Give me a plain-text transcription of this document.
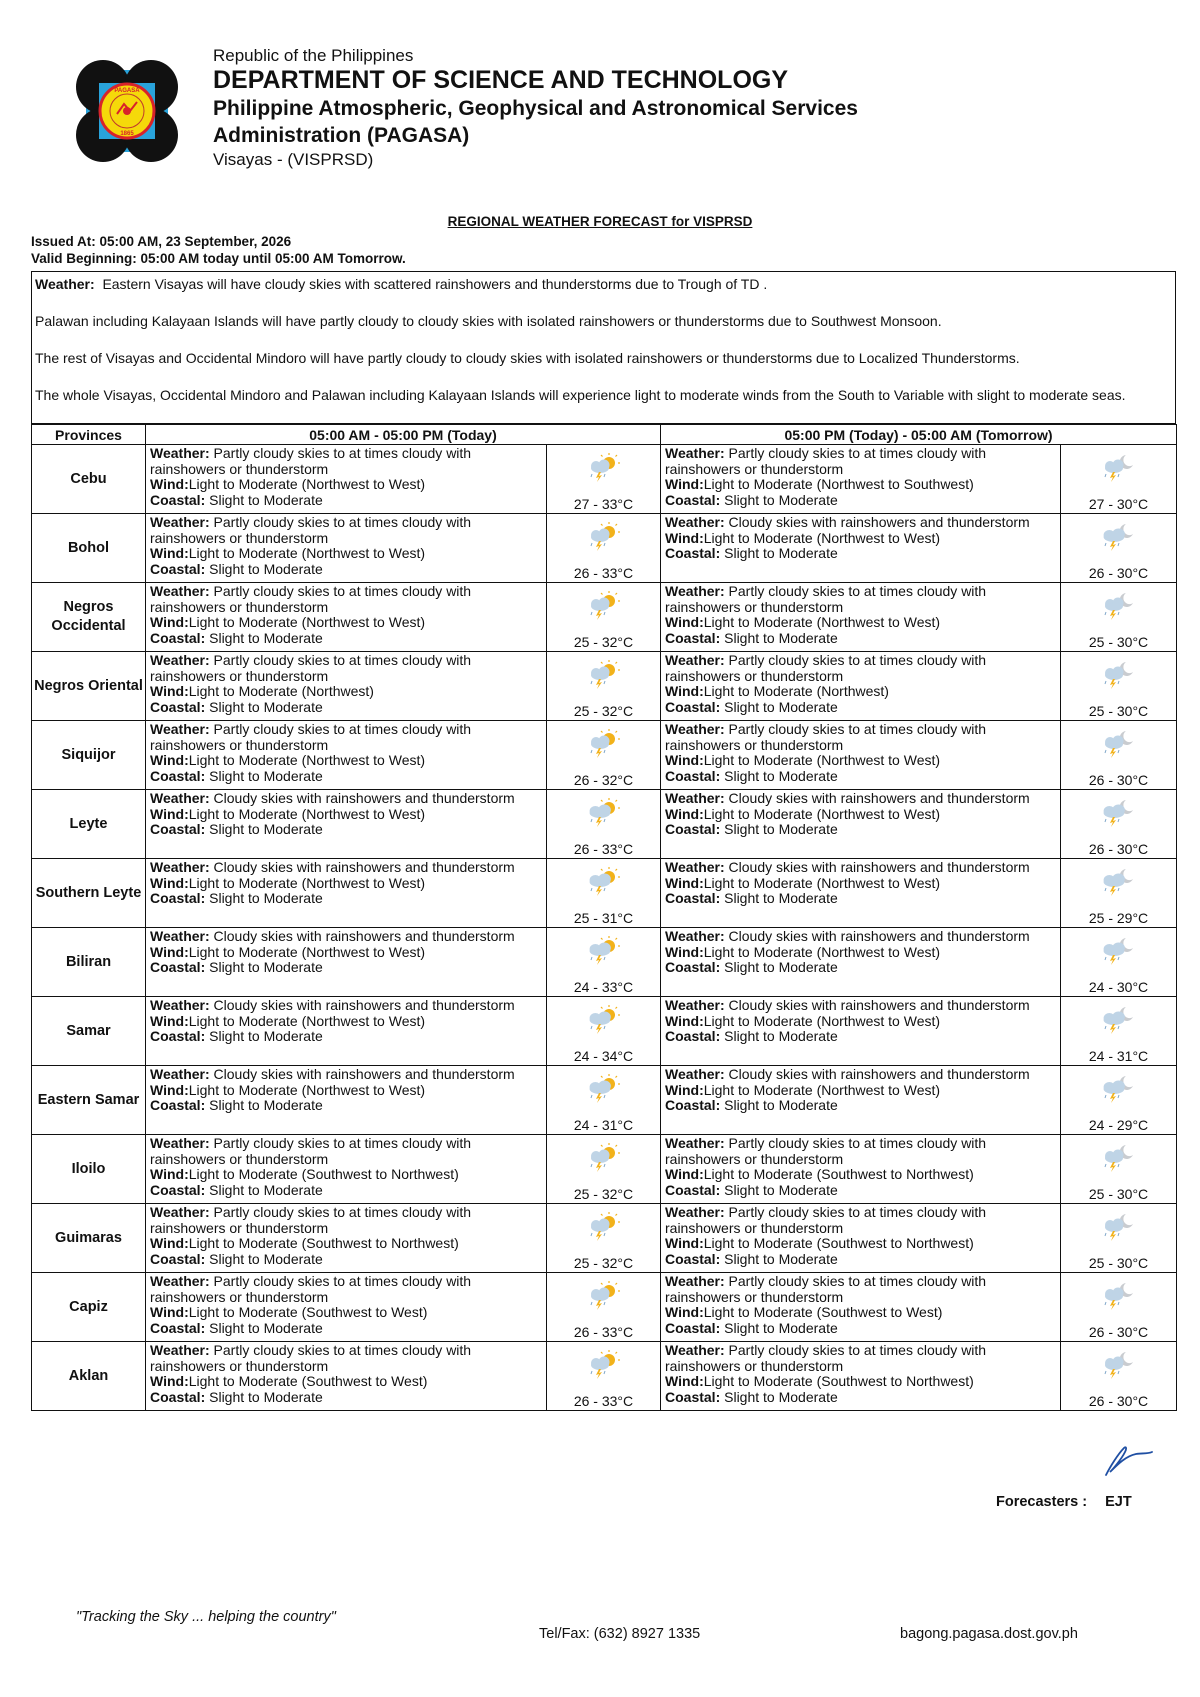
PAGASA
1865
Republic of the Philippines
DEPARTMENT OF SCIENCE AND TECHNOLOGY
Philippine Atmospheric, Geophysical and Astronomical Services
Administration (PAGASA)
Visayas - (VISPRSD)
REGIONAL WEATHER FORECAST for VISPRSD
Issued At: 05:00 AM, 23 September, 2026
Valid Beginning: 05:00 AM today until 05:00 AM Tomorrow.

Weather: Eastern Visayas will have cloudy skies with scattered rainshowers and thunderstorms due to Trough of TD .

Palawan including Kalayaan Islands will have partly cloudy to cloudy skies with isolated rainshowers or thunderstorms due to Southwest Monsoon.

The rest of Visayas and Occidental Mindoro will have partly cloudy to cloudy skies with isolated rainshowers or thunderstorms due to Localized Thunderstorms.

The whole Visayas, Occidental Mindoro and Palawan including Kalayaan Islands will experience light to moderate winds from the South to Variable with slight to moderate seas.

Provinces	05:00 AM - 05:00 PM (Today)		05:00 PM (Today) - 05:00 AM (Tomorrow)	
Cebu	Weather: Partly cloudy skies to at times cloudy with rainshowers or thunderstorm
Wind:Light to Moderate (Northwest to West)
Coastal: Slight to Moderate	27 - 33°C	Weather: Partly cloudy skies to at times cloudy with rainshowers or thunderstorm
Wind:Light to Moderate (Northwest to Southwest)
Coastal: Slight to Moderate	27 - 30°C

Bohol	Weather: Partly cloudy skies to at times cloudy with rainshowers or thunderstorm
Wind:Light to Moderate (Northwest to West)
Coastal: Slight to Moderate	26 - 33°C	Weather: Cloudy skies with rainshowers and thunderstorm
Wind:Light to Moderate (Northwest to West)
Coastal: Slight to Moderate	26 - 30°C

Negros Occidental	Weather: Partly cloudy skies to at times cloudy with rainshowers or thunderstorm
Wind:Light to Moderate (Northwest to West)
Coastal: Slight to Moderate	25 - 32°C	Weather: Partly cloudy skies to at times cloudy with rainshowers or thunderstorm
Wind:Light to Moderate (Northwest to West)
Coastal: Slight to Moderate	25 - 30°C

Negros Oriental	Weather: Partly cloudy skies to at times cloudy with rainshowers or thunderstorm
Wind:Light to Moderate (Northwest)
Coastal: Slight to Moderate	25 - 32°C	Weather: Partly cloudy skies to at times cloudy with rainshowers or thunderstorm
Wind:Light to Moderate (Northwest)
Coastal: Slight to Moderate	25 - 30°C

Siquijor	Weather: Partly cloudy skies to at times cloudy with rainshowers or thunderstorm
Wind:Light to Moderate (Northwest to West)
Coastal: Slight to Moderate	26 - 32°C	Weather: Partly cloudy skies to at times cloudy with rainshowers or thunderstorm
Wind:Light to Moderate (Northwest to West)
Coastal: Slight to Moderate	26 - 30°C

Leyte	Weather: Cloudy skies with rainshowers and thunderstorm
Wind:Light to Moderate (Northwest to West)
Coastal: Slight to Moderate	26 - 33°C	Weather: Cloudy skies with rainshowers and thunderstorm
Wind:Light to Moderate (Northwest to West)
Coastal: Slight to Moderate	26 - 30°C

Southern Leyte	Weather: Cloudy skies with rainshowers and thunderstorm
Wind:Light to Moderate (Northwest to West)
Coastal: Slight to Moderate	25 - 31°C	Weather: Cloudy skies with rainshowers and thunderstorm
Wind:Light to Moderate (Northwest to West)
Coastal: Slight to Moderate	25 - 29°C

Biliran	Weather: Cloudy skies with rainshowers and thunderstorm
Wind:Light to Moderate (Northwest to West)
Coastal: Slight to Moderate	24 - 33°C	Weather: Cloudy skies with rainshowers and thunderstorm
Wind:Light to Moderate (Northwest to West)
Coastal: Slight to Moderate	24 - 30°C

Samar	Weather: Cloudy skies with rainshowers and thunderstorm
Wind:Light to Moderate (Northwest to West)
Coastal: Slight to Moderate	24 - 34°C	Weather: Cloudy skies with rainshowers and thunderstorm
Wind:Light to Moderate (Northwest to West)
Coastal: Slight to Moderate	24 - 31°C

Eastern Samar	Weather: Cloudy skies with rainshowers and thunderstorm
Wind:Light to Moderate (Northwest to West)
Coastal: Slight to Moderate	24 - 31°C	Weather: Cloudy skies with rainshowers and thunderstorm
Wind:Light to Moderate (Northwest to West)
Coastal: Slight to Moderate	24 - 29°C

Iloilo	Weather: Partly cloudy skies to at times cloudy with rainshowers or thunderstorm
Wind:Light to Moderate (Southwest to Northwest)
Coastal: Slight to Moderate	25 - 32°C	Weather: Partly cloudy skies to at times cloudy with rainshowers or thunderstorm
Wind:Light to Moderate (Southwest to Northwest)
Coastal: Slight to Moderate	25 - 30°C

Guimaras	Weather: Partly cloudy skies to at times cloudy with rainshowers or thunderstorm
Wind:Light to Moderate (Southwest to Northwest)
Coastal: Slight to Moderate	25 - 32°C	Weather: Partly cloudy skies to at times cloudy with rainshowers or thunderstorm
Wind:Light to Moderate (Southwest to Northwest)
Coastal: Slight to Moderate	25 - 30°C

Capiz	Weather: Partly cloudy skies to at times cloudy with rainshowers or thunderstorm
Wind:Light to Moderate (Southwest to West)
Coastal: Slight to Moderate	26 - 33°C	Weather: Partly cloudy skies to at times cloudy with rainshowers or thunderstorm
Wind:Light to Moderate (Southwest to West)
Coastal: Slight to Moderate	26 - 30°C

Aklan	Weather: Partly cloudy skies to at times cloudy with rainshowers or thunderstorm
Wind:Light to Moderate (Southwest to West)
Coastal: Slight to Moderate	26 - 33°C	Weather: Partly cloudy skies to at times cloudy with rainshowers or thunderstorm
Wind:Light to Moderate (Southwest to Northwest)
Coastal: Slight to Moderate	26 - 30°C
Forecasters : EJT
"Tracking the Sky ... helping the country"
Tel/Fax: (632) 8927 1335	bagong.pagasa.dost.gov.ph
